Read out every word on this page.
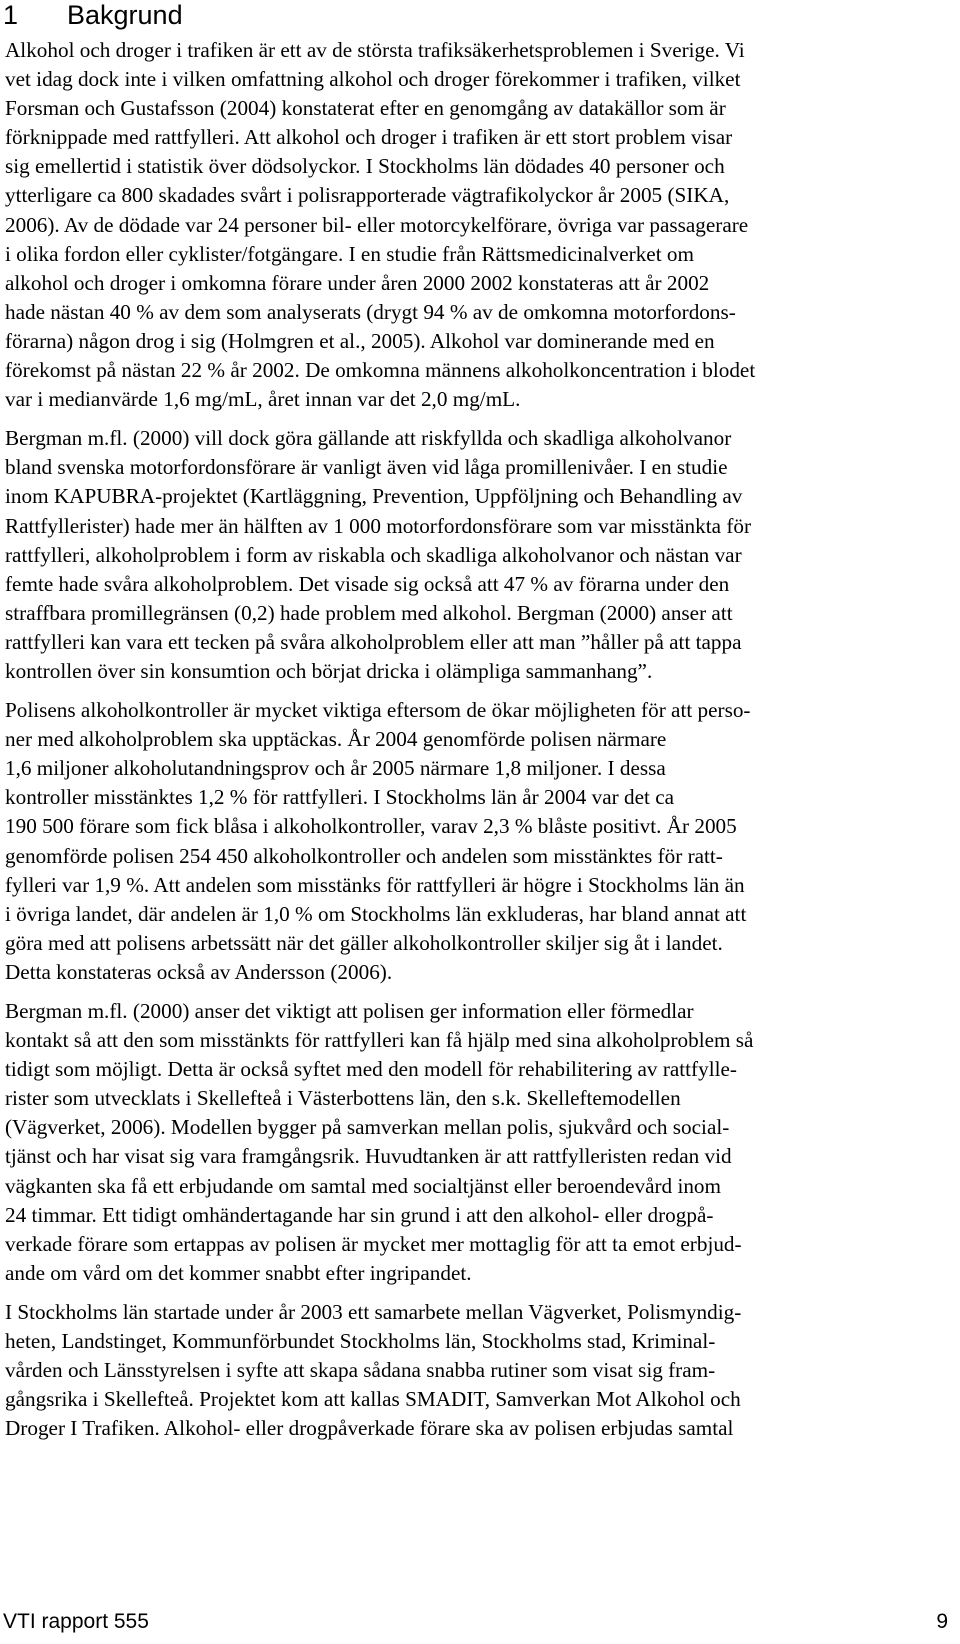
1 Bakgrund

Alkohol och droger i trafiken är ett av de största trafiksäkerhetsproblemen i Sverige. Vi
vet idag dock inte i vilken omfattning alkohol och droger förekommer i trafiken, vilket
Forsman och Gustafsson (2004) konstaterat efter en genomgång av datakällor som är
förknippade med rattfylleri. Att alkohol och droger i trafiken är ett stort problem visar
sig emellertid i statistik över dödsolyckor. I Stockholms län dödades 40 personer och
ytterligare ca 800 skadades svårt i polisrapporterade vägtrafikolyckor år 2005 (SIKA,
2006). Av de dödade var 24 personer bil- eller motorcykelförare, övriga var passagerare
i olika fordon eller cyklister/fotgängare. I en studie från Rättsmedicinalverket om
alkohol och droger i omkomna förare under åren 2000 2002 konstateras att år 2002
hade nästan 40 % av dem som analyserats (drygt 94 % av de omkomna motorfordons-
förarna) någon drog i sig (Holmgren et al., 2005). Alkohol var dominerande med en
förekomst på nästan 22 % år 2002. De omkomna männens alkoholkoncentration i blodet
var i medianvärde 1,6 mg/mL, året innan var det 2,0 mg/mL.

Bergman m.fl. (2000) vill dock göra gällande att riskfyllda och skadliga alkoholvanor
bland svenska motorfordonsförare är vanligt även vid låga promillenivåer. I en studie
inom KAPUBRA-projektet (Kartläggning, Prevention, Uppföljning och Behandling av
Rattfyllerister) hade mer än hälften av 1 000 motorfordonsförare som var misstänkta för
rattfylleri, alkoholproblem i form av riskabla och skadliga alkoholvanor och nästan var
femte hade svåra alkoholproblem. Det visade sig också att 47 % av förarna under den
straffbara promillegränsen (0,2) hade problem med alkohol. Bergman (2000) anser att
rattfylleri kan vara ett tecken på svåra alkoholproblem eller att man ”håller på att tappa
kontrollen över sin konsumtion och börjat dricka i olämpliga sammanhang”.

Polisens alkoholkontroller är mycket viktiga eftersom de ökar möjligheten för att perso-
ner med alkoholproblem ska upptäckas. År 2004 genomförde polisen närmare
1,6 miljoner alkoholutandningsprov och år 2005 närmare 1,8 miljoner. I dessa
kontroller misstänktes 1,2 % för rattfylleri. I Stockholms län år 2004 var det ca
190 500 förare som fick blåsa i alkoholkontroller, varav 2,3 % blåste positivt. År 2005
genomförde polisen 254 450 alkoholkontroller och andelen som misstänktes för ratt-
fylleri var 1,9 %. Att andelen som misstänks för rattfylleri är högre i Stockholms län än
i övriga landet, där andelen är 1,0 % om Stockholms län exkluderas, har bland annat att
göra med att polisens arbetssätt när det gäller alkoholkontroller skiljer sig åt i landet.
Detta konstateras också av Andersson (2006).

Bergman m.fl. (2000) anser det viktigt att polisen ger information eller förmedlar
kontakt så att den som misstänkts för rattfylleri kan få hjälp med sina alkoholproblem så
tidigt som möjligt. Detta är också syftet med den modell för rehabilitering av rattfylle-
rister som utvecklats i Skellefteå i Västerbottens län, den s.k. Skelleftemodellen
(Vägverket, 2006). Modellen bygger på samverkan mellan polis, sjukvård och social-
tjänst och har visat sig vara framgångsrik. Huvudtanken är att rattfylleristen redan vid
vägkanten ska få ett erbjudande om samtal med socialtjänst eller beroendevård inom
24 timmar. Ett tidigt omhändertagande har sin grund i att den alkohol- eller drogpå-
verkade förare som ertappas av polisen är mycket mer mottaglig för att ta emot erbjud-
ande om vård om det kommer snabbt efter ingripandet.

I Stockholms län startade under år 2003 ett samarbete mellan Vägverket, Polismyndig-
heten, Landstinget, Kommunförbundet Stockholms län, Stockholms stad, Kriminal-
vården och Länsstyrelsen i syfte att skapa sådana snabba rutiner som visat sig fram-
gångsrika i Skellefteå. Projektet kom att kallas SMADIT, Samverkan Mot Alkohol och
Droger I Trafiken. Alkohol- eller drogpåverkade förare ska av polisen erbjudas samtal

VTI rapport 555	9
